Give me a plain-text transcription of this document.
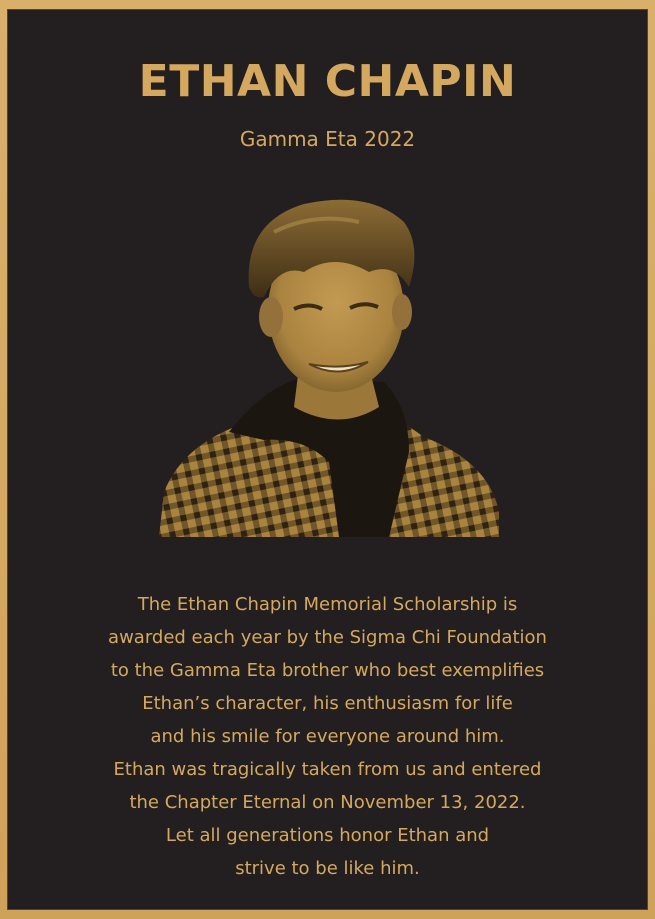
ETHAN CHAPIN
Gamma Eta 2022
The Ethan Chapin Memorial Scholarship is
awarded each year by the Sigma Chi Foundation
to the Gamma Eta brother who best exemplifies
Ethan’s character, his enthusiasm for life
and his smile for everyone around him.
Ethan was tragically taken from us and entered
the Chapter Eternal on November 13, 2022.
Let all generations honor Ethan and
strive to be like him.
